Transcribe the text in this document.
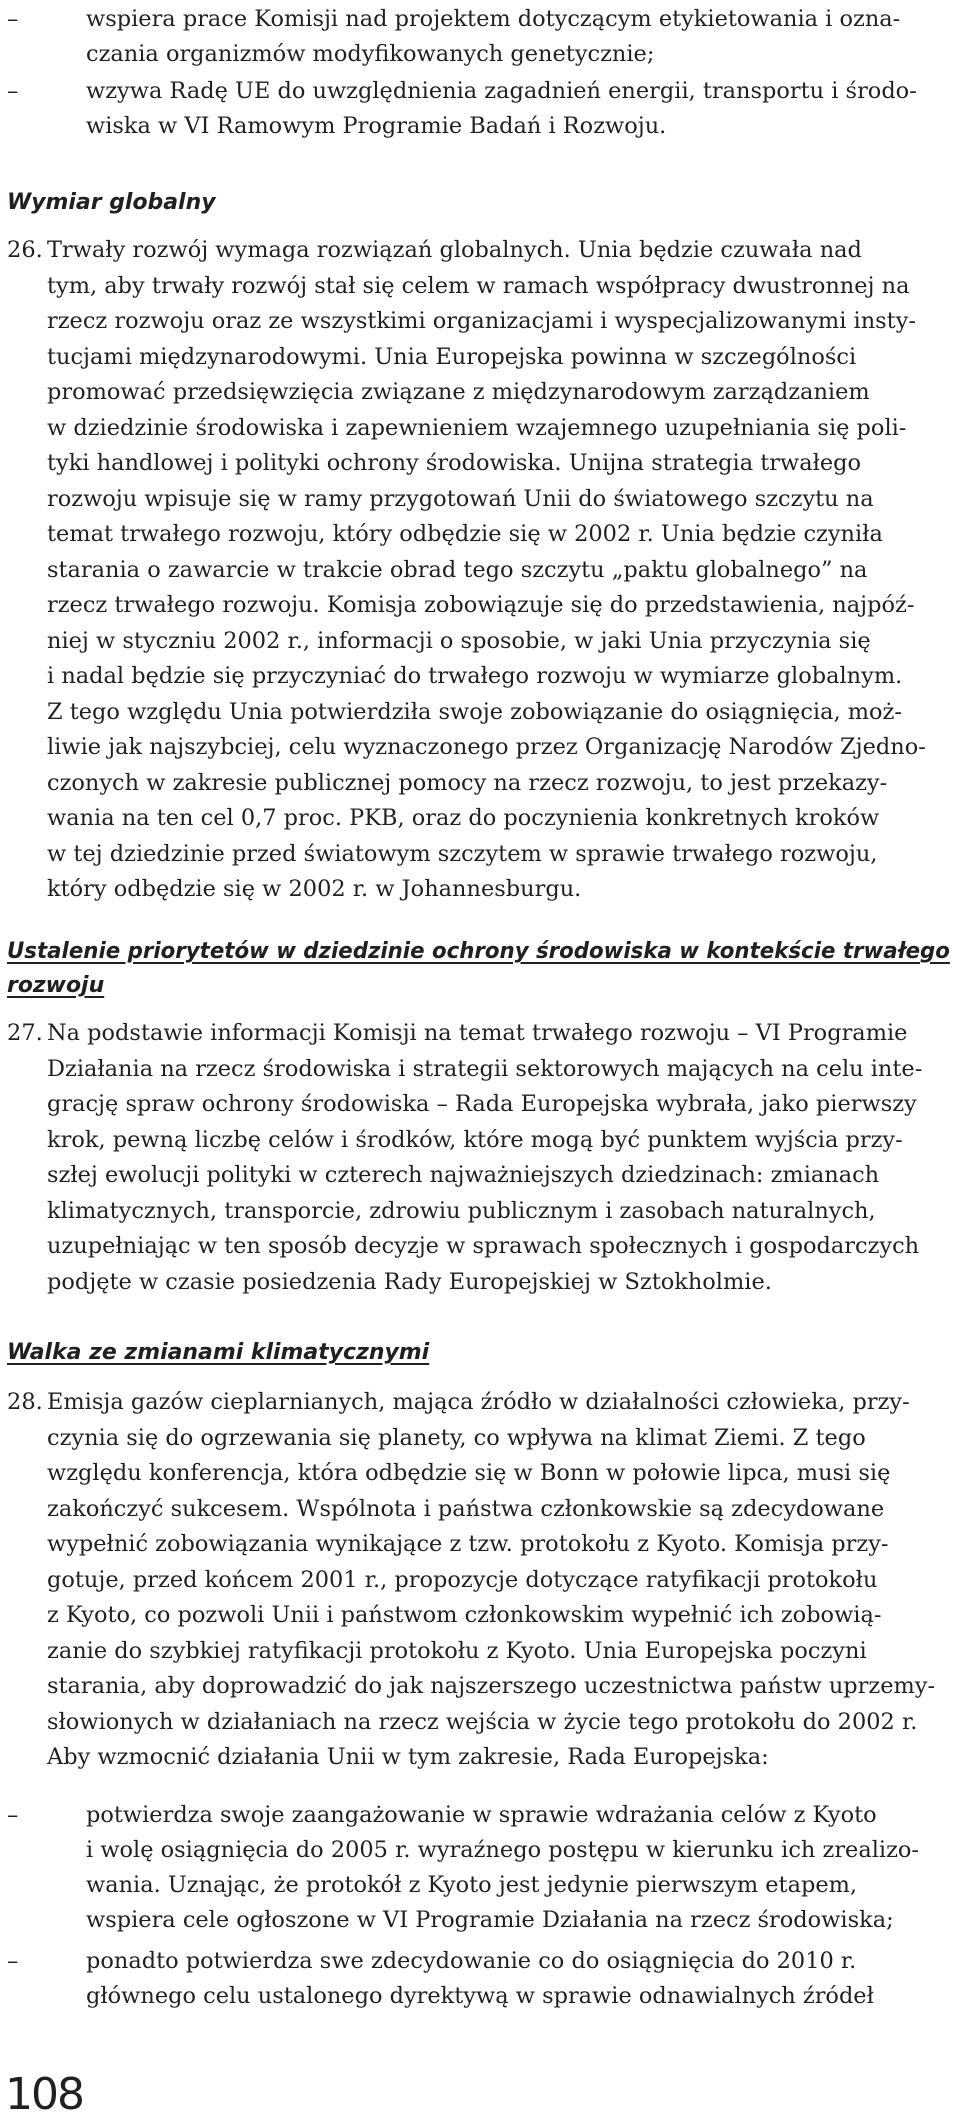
–	wspiera prace Komisji nad projektem dotyczącym etykietowania i ozna-
czania organizmów modyfikowanych genetycznie;
–	wzywa Radę UE do uwzględnienia zagadnień energii, transportu i środo-
wiska w VI Ramowym Programie Badań i Rozwoju.
Wymiar globalny
26. Trwały rozwój wymaga rozwiązań globalnych. Unia będzie czuwała nad
tym, aby trwały rozwój stał się celem w ramach współpracy dwustronnej na
rzecz rozwoju oraz ze wszystkimi organizacjami i wyspecjalizowanymi insty-
tucjami międzynarodowymi. Unia Europejska powinna w szczególności
promować przedsięwzięcia związane z międzynarodowym zarządzaniem
w dziedzinie środowiska i zapewnieniem wzajemnego uzupełniania się poli-
tyki handlowej i polityki ochrony środowiska. Unijna strategia trwałego
rozwoju wpisuje się w ramy przygotowań Unii do światowego szczytu na
temat trwałego rozwoju, który odbędzie się w 2002 r. Unia będzie czyniła
starania o zawarcie w trakcie obrad tego szczytu „paktu globalnego” na
rzecz trwałego rozwoju. Komisja zobowiązuje się do przedstawienia, najpóź-
niej w styczniu 2002 r., informacji o sposobie, w jaki Unia przyczynia się
i nadal będzie się przyczyniać do trwałego rozwoju w wymiarze globalnym.
Z tego względu Unia potwierdziła swoje zobowiązanie do osiągnięcia, moż-
liwie jak najszybciej, celu wyznaczonego przez Organizację Narodów Zjedno-
czonych w zakresie publicznej pomocy na rzecz rozwoju, to jest przekazy-
wania na ten cel 0,7 proc. PKB, oraz do poczynienia konkretnych kroków
w tej dziedzinie przed światowym szczytem w sprawie trwałego rozwoju,
który odbędzie się w 2002 r. w Johannesburgu.
Ustalenie priorytetów w dziedzinie ochrony środowiska w kontekście trwałego
rozwoju
27. Na podstawie informacji Komisji na temat trwałego rozwoju – VI Programie
Działania na rzecz środowiska i strategii sektorowych mających na celu inte-
grację spraw ochrony środowiska – Rada Europejska wybrała, jako pierwszy
krok, pewną liczbę celów i środków, które mogą być punktem wyjścia przy-
szłej ewolucji polityki w czterech najważniejszych dziedzinach: zmianach
klimatycznych, transporcie, zdrowiu publicznym i zasobach naturalnych,
uzupełniając w ten sposób decyzje w sprawach społecznych i gospodarczych
podjęte w czasie posiedzenia Rady Europejskiej w Sztokholmie.
Walka ze zmianami klimatycznymi
28. Emisja gazów cieplarnianych, mająca źródło w działalności człowieka, przy-
czynia się do ogrzewania się planety, co wpływa na klimat Ziemi. Z tego
względu konferencja, która odbędzie się w Bonn w połowie lipca, musi się
zakończyć sukcesem. Wspólnota i państwa członkowskie są zdecydowane
wypełnić zobowiązania wynikające z tzw. protokołu z Kyoto. Komisja przy-
gotuje, przed końcem 2001 r., propozycje dotyczące ratyfikacji protokołu
z Kyoto, co pozwoli Unii i państwom członkowskim wypełnić ich zobowią-
zanie do szybkiej ratyfikacji protokołu z Kyoto. Unia Europejska poczyni
starania, aby doprowadzić do jak najszerszego uczestnictwa państw uprzemy-
słowionych w działaniach na rzecz wejścia w życie tego protokołu do 2002 r.
Aby wzmocnić działania Unii w tym zakresie, Rada Europejska:
–	potwierdza swoje zaangażowanie w sprawie wdrażania celów z Kyoto
i wolę osiągnięcia do 2005 r. wyraźnego postępu w kierunku ich zrealizo-
wania. Uznając, że protokół z Kyoto jest jedynie pierwszym etapem,
wspiera cele ogłoszone w VI Programie Działania na rzecz środowiska;
–	ponadto potwierdza swe zdecydowanie co do osiągnięcia do 2010 r.
głównego celu ustalonego dyrektywą w sprawie odnawialnych źródeł
108
